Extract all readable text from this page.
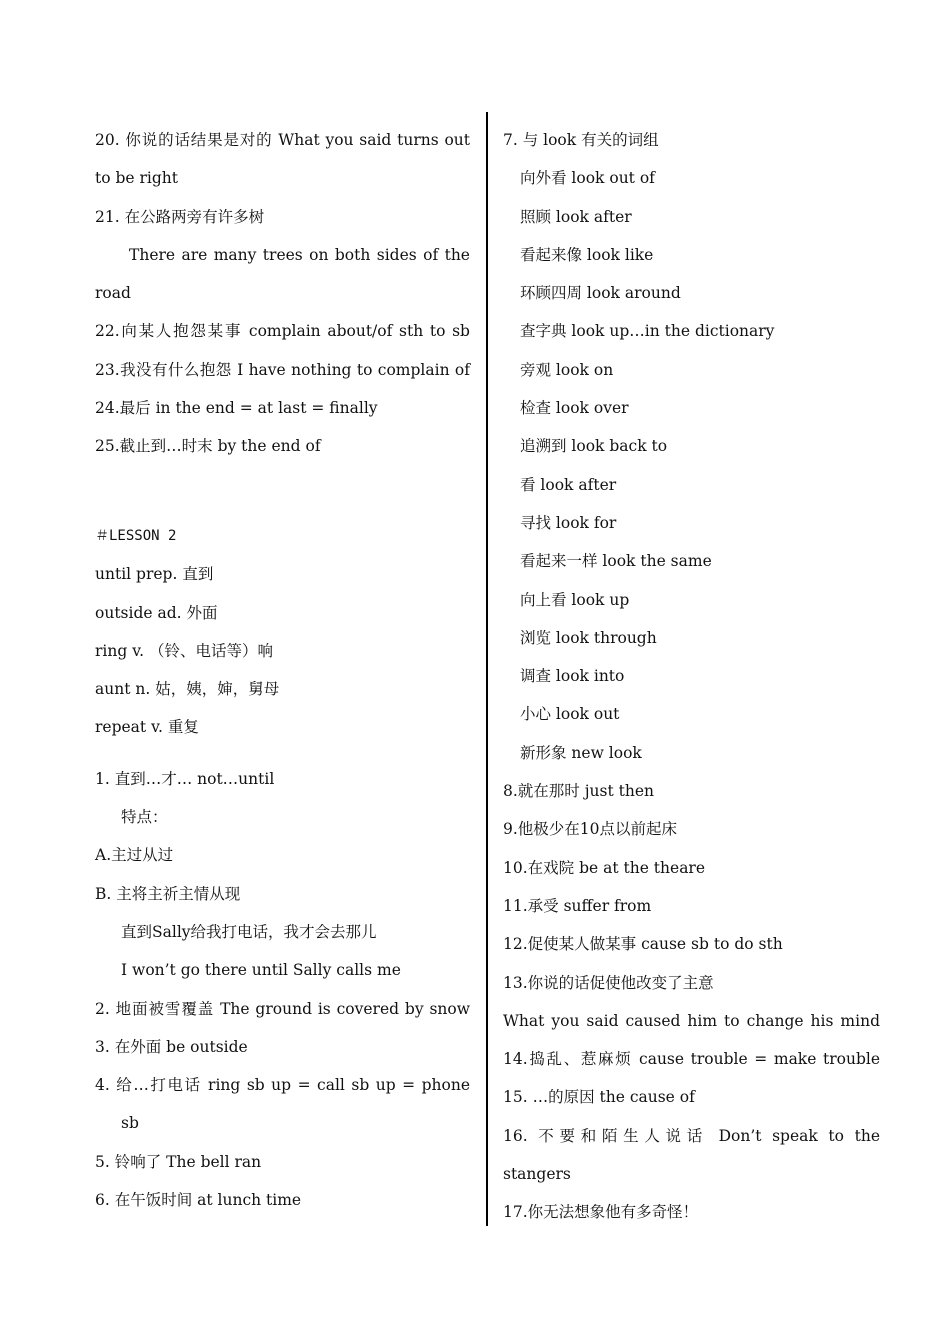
20. 你说的话结果是对的 What you said turns out
to be right
21. 在公路两旁有许多树
There are many trees on both sides of the
road
22.向某人抱怨某事 complain about/of sth to sb
23.我没有什么抱怨 I have nothing to complain of
24.最后 in the end = at last = finally
25.截止到…时末 by the end of
＃LESSON 2
until prep. 直到
outside ad. 外面
ring v. （铃、电话等）响
aunt n. 姑，姨，婶，舅母
repeat v. 重复
1. 直到…才… not…until
特点：
A.主过从过
B. 主将主祈主情从现
直到Sally给我打电话，我才会去那儿
I won’t go there until Sally calls me
2. 地面被雪覆盖 The ground is covered by snow
3. 在外面 be outside
4. 给…打电话 ring sb up = call sb up = phone
sb
5. 铃响了 The bell ran
6. 在午饭时间 at lunch time
7. 与 look 有关的词组
向外看 look out of
照顾 look after
看起来像 look like
环顾四周 look around
查字典 look up…in the dictionary
旁观 look on
检查 look over
追溯到 look back to
看 look after
寻找 look for
看起来一样 look the same
向上看 look up
浏览 look through
调查 look into
小心 look out
新形象 new look
8.就在那时 just then
9.他极少在10点以前起床
10.在戏院 be at the theare
11.承受 suffer from
12.促使某人做某事 cause sb to do sth
13.你说的话促使他改变了主意
What you said caused him to change his mind
14.捣乱、惹麻烦 cause trouble = make trouble
15. …的原因 the cause of
16. 不要和陌生人说话 Don’t speak to the
stangers
17.你无法想象他有多奇怪！
